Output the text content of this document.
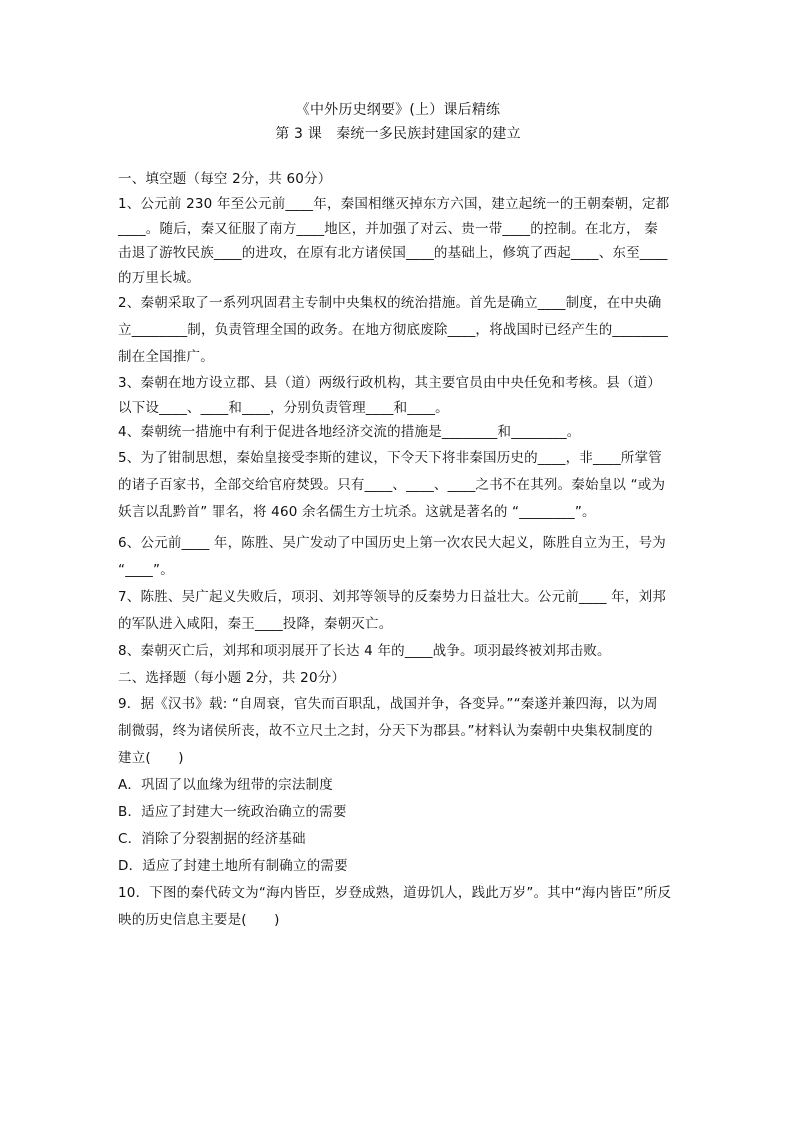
《中外历史纲要》(上）课后精练
第 3 课　秦统一多民族封建国家的建立
一、填空题（每空 2分，共 60分）
1、公元前 230 年至公元前____年，秦国相继灭掉东方六国，建立起统一的王朝秦朝，定都
____。随后，秦又征服了南方____地区，并加强了对云、贵一带____的控制。在北方， 秦
击退了游牧民族____的进攻，在原有北方诸侯国____的基础上，修筑了西起____、东至____
的万里长城。
2、秦朝采取了一系列巩固君主专制中央集权的统治措施。首先是确立____制度，在中央确
立________制，负责管理全国的政务。在地方彻底废除____，将战国时已经产生的________
制在全国推广。
3、秦朝在地方设立郡、县（道）两级行政机构，其主要官员由中央任免和考核。县（道）
以下设____、____和____，分别负责管理____和____。
4、秦朝统一措施中有利于促进各地经济交流的措施是________和________。
5、为了钳制思想，秦始皇接受李斯的建议，下令天下将非秦国历史的____，非____所掌管
的诸子百家书，全部交给官府焚毁。只有____、____、____之书不在其列。秦始皇以 “或为
妖言以乱黔首” 罪名，将 460 余名儒生方士坑杀。这就是著名的 “________”。
6、公元前____ 年，陈胜、吴广发动了中国历史上第一次农民大起义，陈胜自立为王，号为
“____”。
7、陈胜、吴广起义失败后，项羽、刘邦等领导的反秦势力日益壮大。公元前____ 年，刘邦
的军队进入咸阳，秦王____投降，秦朝灭亡。
8、秦朝灭亡后，刘邦和项羽展开了长达 4 年的____战争。项羽最终被刘邦击败。
二、选择题（每小题 2分，共 20分）
9．据《汉书》载: “自周衰，官失而百职乱，战国并争，各变异。”“秦遂并兼四海，以为周
制微弱，终为诸侯所丧，故不立尺土之封，分天下为郡县。”材料认为秦朝中央集权制度的
建立(　　)
A．巩固了以血缘为纽带的宗法制度
B．适应了封建大一统政治确立的需要
C．消除了分裂割据的经济基础
D．适应了封建土地所有制确立的需要
10．下图的秦代砖文为“海内皆臣，岁登成熟，道毋饥人，践此万岁”。其中“海内皆臣”所反
映的历史信息主要是(　　)
